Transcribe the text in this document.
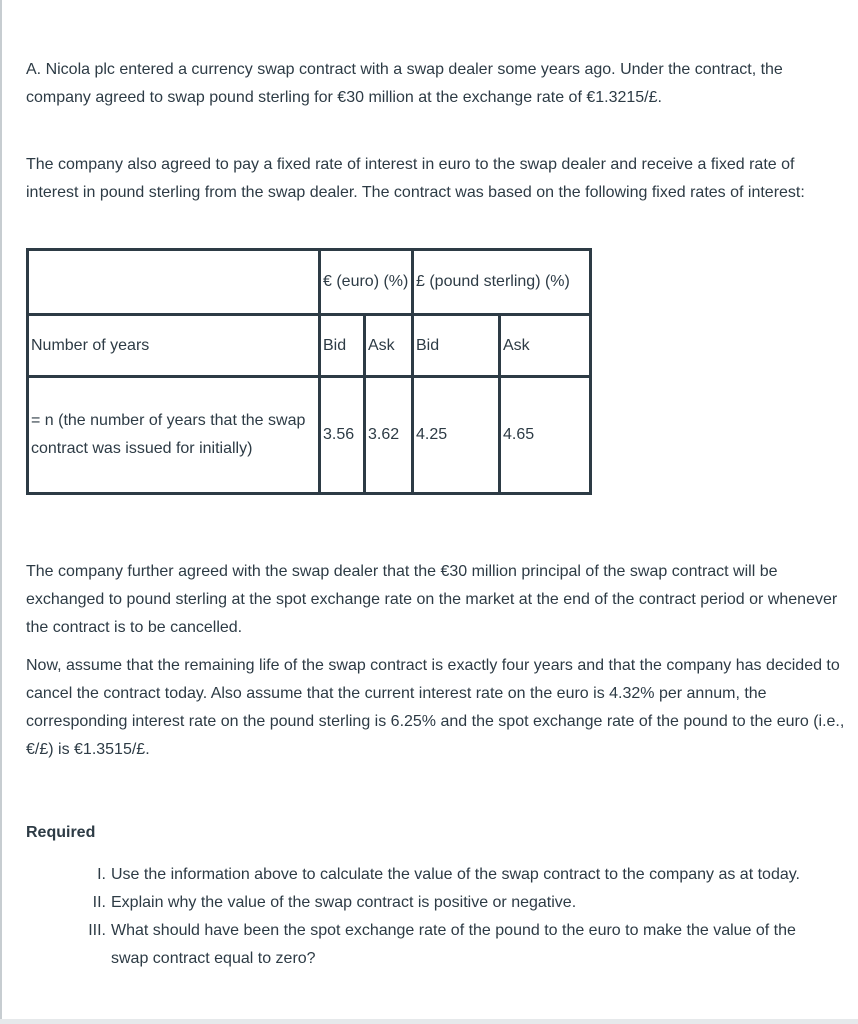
A. Nicola plc entered a currency swap contract with a swap dealer some years ago. Under the contract, the company agreed to swap pound sterling for €30 million at the exchange rate of €1.3215/£.

The company also agreed to pay a fixed rate of interest in euro to the swap dealer and receive a fixed rate of interest in pound sterling from the swap dealer. The contract was based on the following fixed rates of interest:

	€ (euro) (%)		£ (pound sterling) (%)	
Number of years	Bid	Ask	Bid	Ask
= n (the number of years that the swap contract was issued for initially)	3.56	3.62	4.25	4.65

The company further agreed with the swap dealer that the €30 million principal of the swap contract will be exchanged to pound sterling at the spot exchange rate on the market at the end of the contract period or whenever the contract is to be cancelled.

Now, assume that the remaining life of the swap contract is exactly four years and that the company has decided to cancel the contract today. Also assume that the current interest rate on the euro is 4.32% per annum, the corresponding interest rate on the pound sterling is 6.25% and the spot exchange rate of the pound to the euro (i.e., €/£) is €1.3515/£.

Required

I. Use the information above to calculate the value of the swap contract to the company as at today.
II. Explain why the value of the swap contract is positive or negative.
III. What should have been the spot exchange rate of the pound to the euro to make the value of the swap contract equal to zero?
